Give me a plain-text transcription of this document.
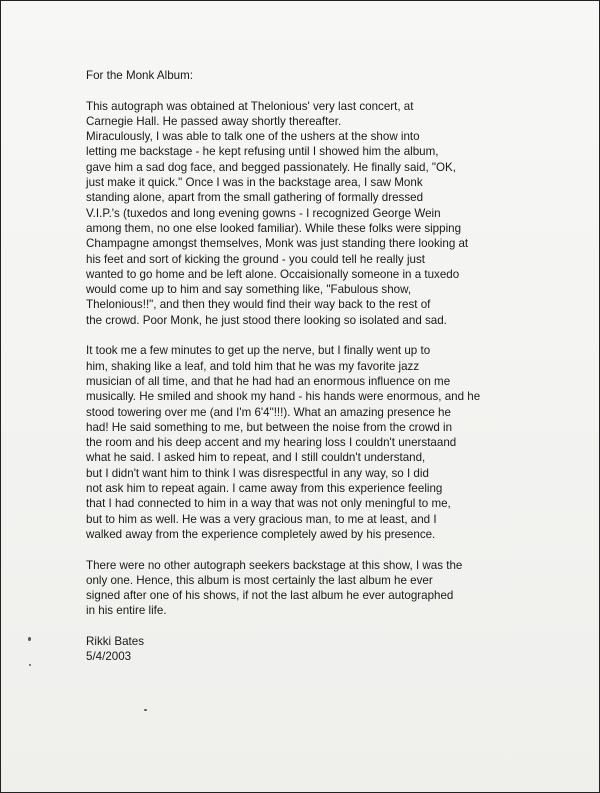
For the Monk Album:

This autograph was obtained at Thelonious' very last concert, at
Carnegie Hall. He passed away shortly thereafter.
Miraculously, I was able to talk one of the ushers at the show into
letting me backstage - he kept refusing until I showed him the album,
gave him a sad dog face, and begged passionately. He finally said, "OK,
just make it quick." Once I was in the backstage area, I saw Monk
standing alone, apart from the small gathering of formally dressed
V.I.P.'s (tuxedos and long evening gowns - I recognized George Wein
among them, no one else looked familiar). While these folks were sipping
Champagne amongst themselves, Monk was just standing there looking at
his feet and sort of kicking the ground - you could tell he really just
wanted to go home and be left alone. Occaisionally someone in a tuxedo
would come up to him and say something like, "Fabulous show,
Thelonious!!", and then they would find their way back to the rest of
the crowd. Poor Monk, he just stood there looking so isolated and sad.

It took me a few minutes to get up the nerve, but I finally went up to
him, shaking like a leaf, and told him that he was my favorite jazz
musician of all time, and that he had had an enormous influence on me
musically. He smiled and shook my hand - his hands were enormous, and he
stood towering over me (and I'm 6'4"!!!). What an amazing presence he
had! He said something to me, but between the noise from the crowd in
the room and his deep accent and my hearing loss I couldn't unerstaand
what he said. I asked him to repeat, and I still couldn't understand,
but I didn't want him to think I was disrespectful in any way, so I did
not ask him to repeat again. I came away from this experience feeling
that I had connected to him in a way that was not only meningful to me,
but to him as well. He was a very gracious man, to me at least, and I
walked away from the experience completely awed by his presence.

There were no other autograph seekers backstage at this show, I was the
only one. Hence, this album is most certainly the last album he ever
signed after one of his shows, if not the last album he ever autographed
in his entire life.

Rikki Bates
5/4/2003
